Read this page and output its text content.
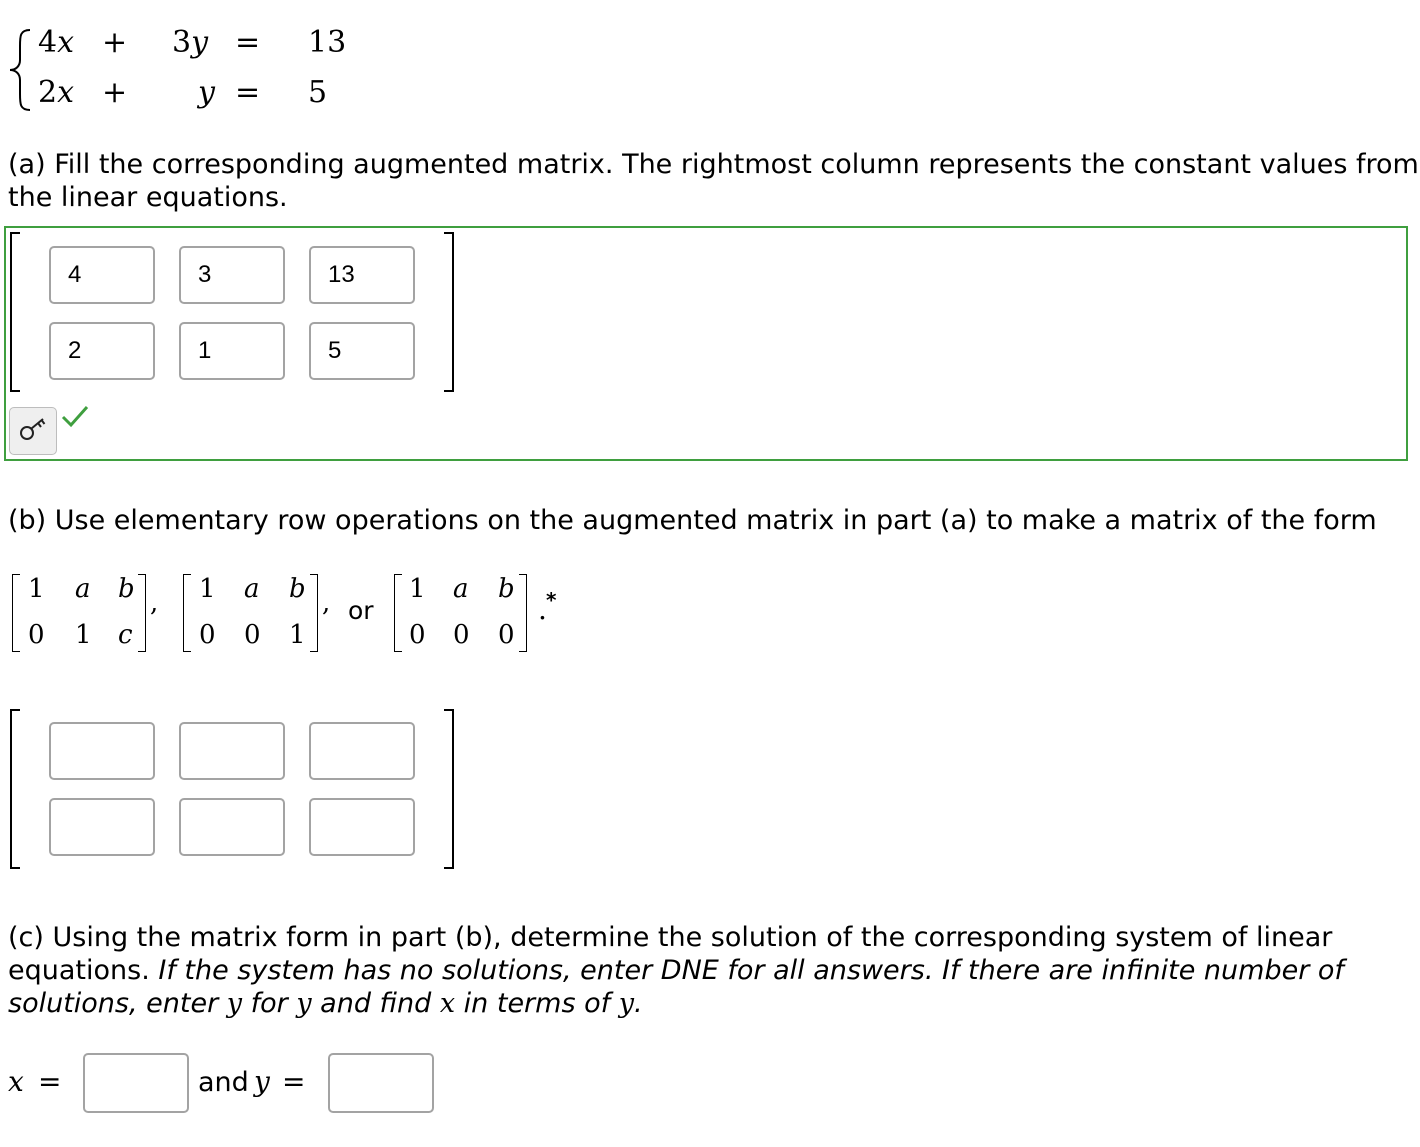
4x + 3y = 13
2x + y = 5
(a) Fill the corresponding augmented matrix. The rightmost column represents the constant values from
the linear equations.
4
3
13
2
1
5
(b) Use elementary row operations on the augmented matrix in part (a) to make a matrix of the form
1 a b
0 1 c
, 1 a b
0 0 1
, or
1 a b
0 0 0
. *
(c) Using the matrix form in part (b), determine the solution of the corresponding system of linear
equations. If the system has no solutions, enter DNE for all answers. If there are infinite number of
solutions, enter y for y and find x in terms of y.
x =	and y =
